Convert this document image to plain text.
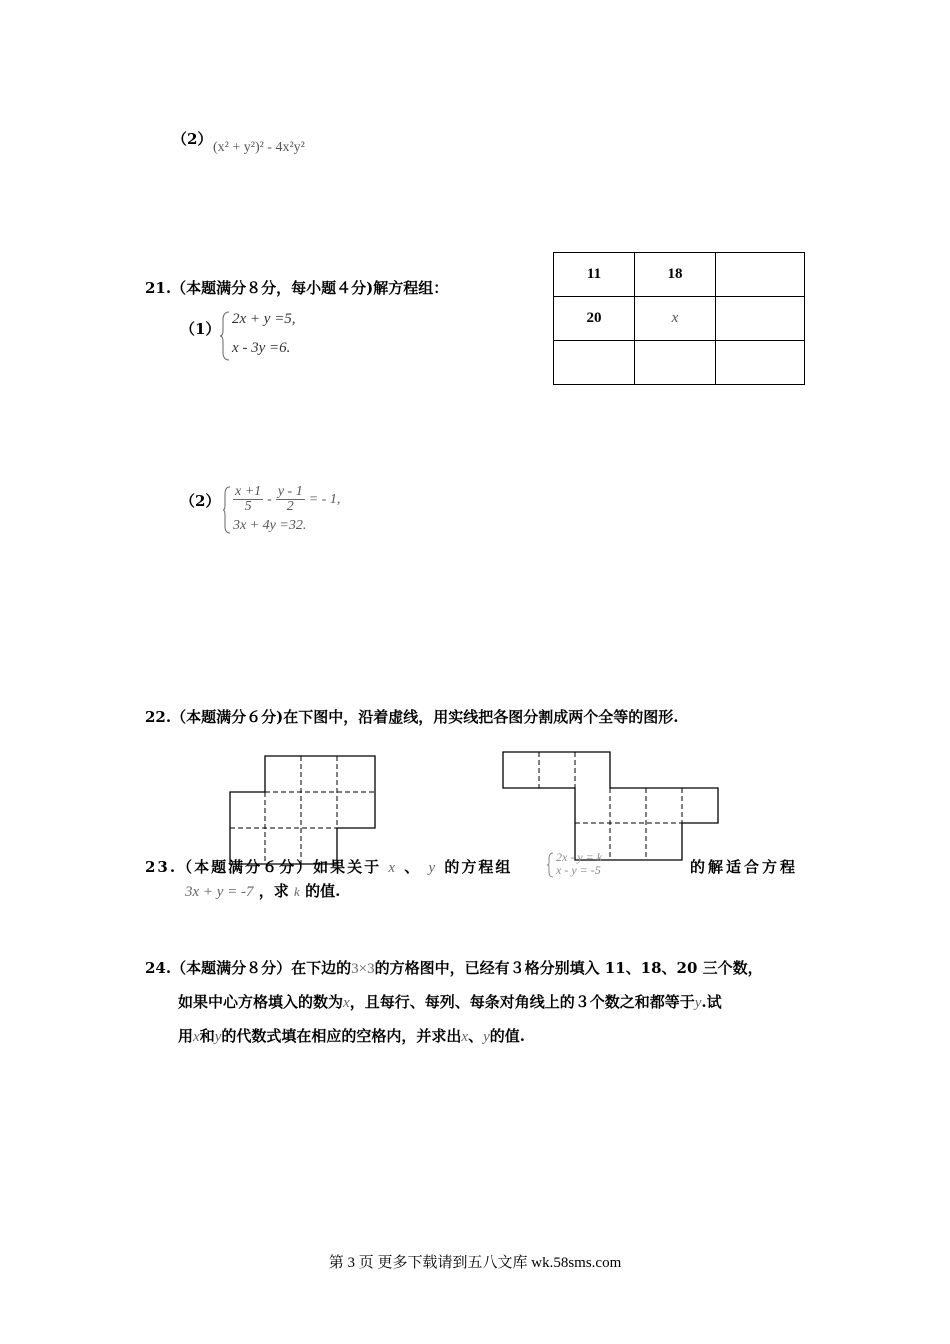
（2） (x² + y²)² - 4x²y²
21.（本题满分８分，每小题４分)解方程组：
（1）
2x + y =5,
x - 3y =6.
11	18	
20	x	

$(2) \frac{x +1}{5} - \frac{y - 1}{2}$ = - 1,
3x + 4y =32.
22.（本题满分６分)在下图中，沿着虚线，用实线把各图分割成两个全等的图形.
23.（本题满分６分）如果关于 x 、 y 的方程组
2x - y = k
x - y = -5	的解适合方程
3x + y = -7 ，求 k 的值.
24.（本题满分８分）在下边的3×3的方格图中，已经有３格分别填入 11、18、20 三个数，
如果中心方格填入的数为x，且每行、每列、每条对角线上的３个数之和都等于y.试
用x和y的代数式填在相应的空格内，并求出x、y的值.
第 3 页 更多下载请到五八文库 wk.58sms.com
